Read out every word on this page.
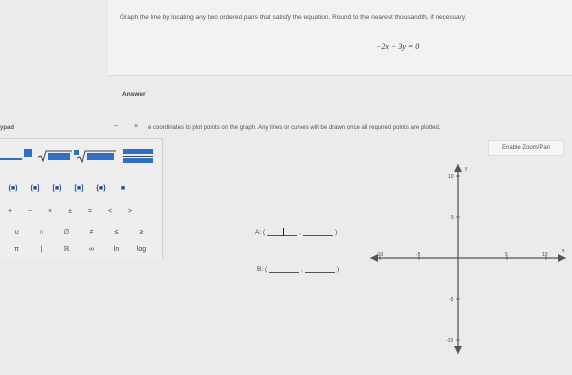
Graph the line by locating any two ordered pairs that satisfy the equation. Round to the nearest thousandth, if necessary.
−2x − 3y = 0
Answer
ypad	− ×	e coordinates to plot points on the graph. Any lines or curves will be drawn once all required points are plotted.
(■)	(■]	[■)	[■]	{■}	■
+	−	×	±	=	<	>
∪	∩	∅	≠	≤	≥
π	|	ℝ	∞	ln	log
A: (	,	)
B: (	,	)
Enable Zoom/Pan
-10	-5	5	10
10
5
-5
-10
y
x
